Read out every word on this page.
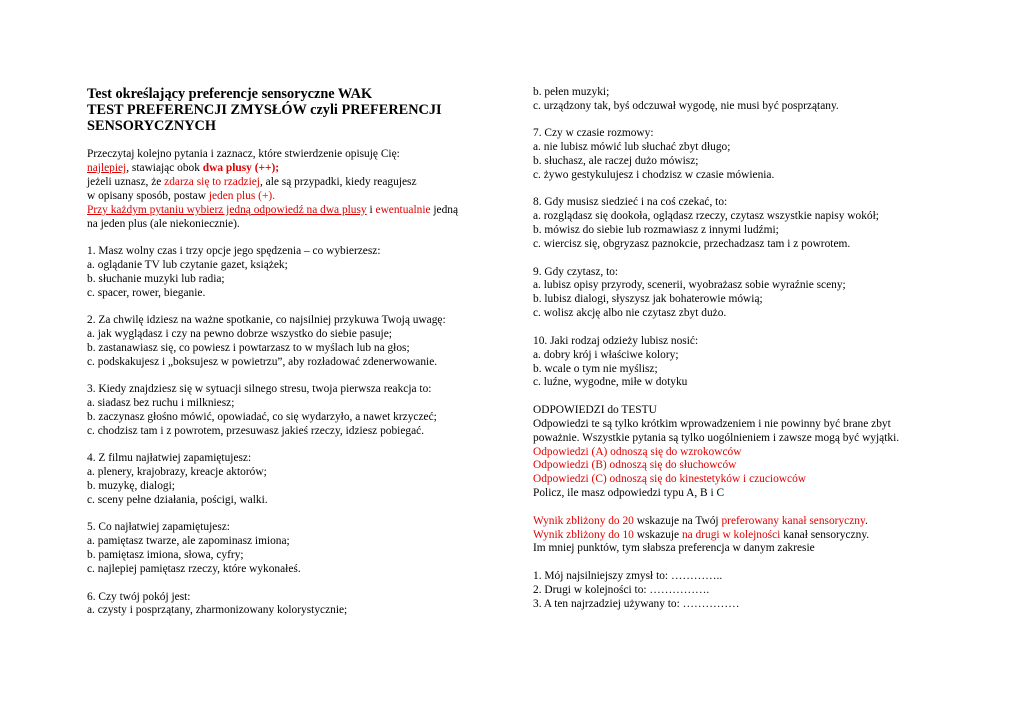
Test określający preferencje sensoryczne WAK
TEST PREFERENCJI ZMYSŁÓW czyli PREFERENCJI
SENSORYCZNYCH
Przeczytaj kolejno pytania i zaznacz, które stwierdzenie opisuję Cię:
najlepiej, stawiając obok dwa plusy (++);
jeżeli uznasz, że zdarza się to rzadziej, ale są przypadki, kiedy reagujesz
w opisany sposób, postaw jeden plus (+).
Przy każdym pytaniu wybierz jedną odpowiedź na dwa plusy i ewentualnie jedną
na jeden plus (ale niekoniecznie).
1. Masz wolny czas i trzy opcje jego spędzenia – co wybierzesz:
a. oglądanie TV lub czytanie gazet, książek;
b. słuchanie muzyki lub radia;
c. spacer, rower, bieganie.
2. Za chwilę idziesz na ważne spotkanie, co najsilniej przykuwa Twoją uwagę:
a. jak wyglądasz i czy na pewno dobrze wszystko do siebie pasuje;
b. zastanawiasz się, co powiesz i powtarzasz to w myślach lub na głos;
c. podskakujesz i „boksujesz w powietrzu”, aby rozładować zdenerwowanie.
3. Kiedy znajdziesz się w sytuacji silnego stresu, twoja pierwsza reakcja to:
a. siadasz bez ruchu i milkniesz;
b. zaczynasz głośno mówić, opowiadać, co się wydarzyło, a nawet krzyczeć;
c. chodzisz tam i z powrotem, przesuwasz jakieś rzeczy, idziesz pobiegać.
4. Z filmu najłatwiej zapamiętujesz:
a. plenery, krajobrazy, kreacje aktorów;
b. muzykę, dialogi;
c. sceny pełne działania, pościgi, walki.
5. Co najłatwiej zapamiętujesz:
a. pamiętasz twarze, ale zapominasz imiona;
b. pamiętasz imiona, słowa, cyfry;
c. najlepiej pamiętasz rzeczy, które wykonałeś.
6. Czy twój pokój jest:
a. czysty i posprzątany, zharmonizowany kolorystycznie;
b. pełen muzyki;
c. urządzony tak, byś odczuwał wygodę, nie musi być posprzątany.
7. Czy w czasie rozmowy:
a. nie lubisz mówić lub słuchać zbyt długo;
b. słuchasz, ale raczej dużo mówisz;
c. żywo gestykulujesz i chodzisz w czasie mówienia.
8. Gdy musisz siedzieć i na coś czekać, to:
a. rozglądasz się dookoła, oglądasz rzeczy, czytasz wszystkie napisy wokół;
b. mówisz do siebie lub rozmawiasz z innymi ludźmi;
c. wiercisz się, obgryzasz paznokcie, przechadzasz tam i z powrotem.
9. Gdy czytasz, to:
a. lubisz opisy przyrody, scenerii, wyobrażasz sobie wyraźnie sceny;
b. lubisz dialogi, słyszysz jak bohaterowie mówią;
c. wolisz akcję albo nie czytasz zbyt dużo.
10. Jaki rodzaj odzieży lubisz nosić:
a. dobry krój i właściwe kolory;
b. wcale o tym nie myślisz;
c. luźne, wygodne, miłe w dotyku
ODPOWIEDZI do TESTU
Odpowiedzi te są tylko krótkim wprowadzeniem i nie powinny być brane zbyt poważnie. Wszystkie pytania są tylko uogólnieniem i zawsze mogą być wyjątki.
Odpowiedzi (A) odnoszą się do wzrokowców
Odpowiedzi (B) odnoszą się do słuchowców
Odpowiedzi (C) odnoszą się do kinestetyków i czuciowców
Policz, ile masz odpowiedzi typu A, B i C
Wynik zbliżony do 20 wskazuje na Twój preferowany kanał sensoryczny.
Wynik zbliżony do 10 wskazuje na drugi w kolejności kanał sensoryczny.
Im mniej punktów, tym słabsza preferencja w danym zakresie
1. Mój najsilniejszy zmysł to: …………..
2. Drugi w kolejności to: …………….
3. A ten najrzadziej używany to: ……………
